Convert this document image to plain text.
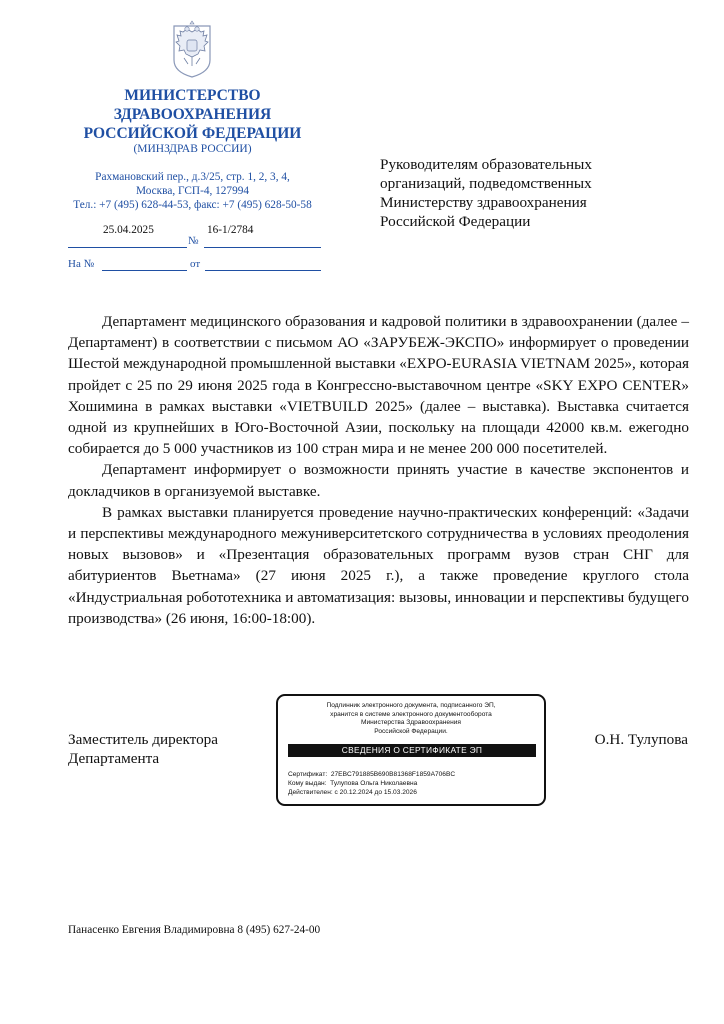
МИНИСТЕРСТВО
ЗДРАВООХРАНЕНИЯ
РОССИЙСКОЙ ФЕДЕРАЦИИ
(МИНЗДРАВ РОССИИ)
Рахмановский пер., д.3/25, стр. 1, 2, 3, 4,
Москва, ГСП-4, 127994
Тел.: +7 (495) 628-44-53, факс: +7 (495) 628-50-58
25.04.2025
№
16-1/2784
На №	от
Руководителям образовательных
организаций, подведомственных
Министерству здравоохранения
Российской Федерации

Департамент медицинского образования и кадровой политики в здравоохранении (далее – Департамент) в соответствии с письмом АО «ЗАРУБЕЖ-ЭКСПО» информирует о проведении Шестой международной промышленной выставки «EXPO-EURASIA VIETNAM 2025», которая пройдет с 25 по 29 июня 2025 года в Конгрессно-выставочном центре «SKY EXPO CENTER» Хошимина в рамках выставки «VIETBUILD 2025» (далее – выставка). Выставка считается одной из крупнейших в Юго-Восточной Азии, поскольку на площади 42000 кв.м. ежегодно собирается до 5 000 участников из 100 стран мира и не менее 200 000 посетителей.

Департамент информирует о возможности принять участие в качестве экспонентов и докладчиков в организуемой выставке.

В рамках выставки планируется проведение научно-практических конференций: «Задачи и перспективы международного межуниверситетского сотрудничества в условиях преодоления новых вызовов» и «Презентация образовательных программ вузов стран СНГ для абитуриентов Вьетнама» (27 июня 2025 г.), а также проведение круглого стола «Индустриальная робототехника и автоматизация: вызовы, инновации и перспективы будущего производства» (26 июня, 16:00-18:00).

Заместитель директора
Департамента
Подлинник электронного документа, подписанного ЭП,
хранится в системе электронного документооборота
Министерства Здравоохранения
Российской Федерации.
СВЕДЕНИЯ О СЕРТИФИКАТЕ ЭП
Сертификат: 27EBC791885B690B81368F1859A706BC
Кому выдан: Тулупова Ольга Николаевна
Действителен: с 20.12.2024 до 15.03.2026
О.Н. Тулупова
Панасенко Евгения Владимировна 8 (495) 627-24-00
